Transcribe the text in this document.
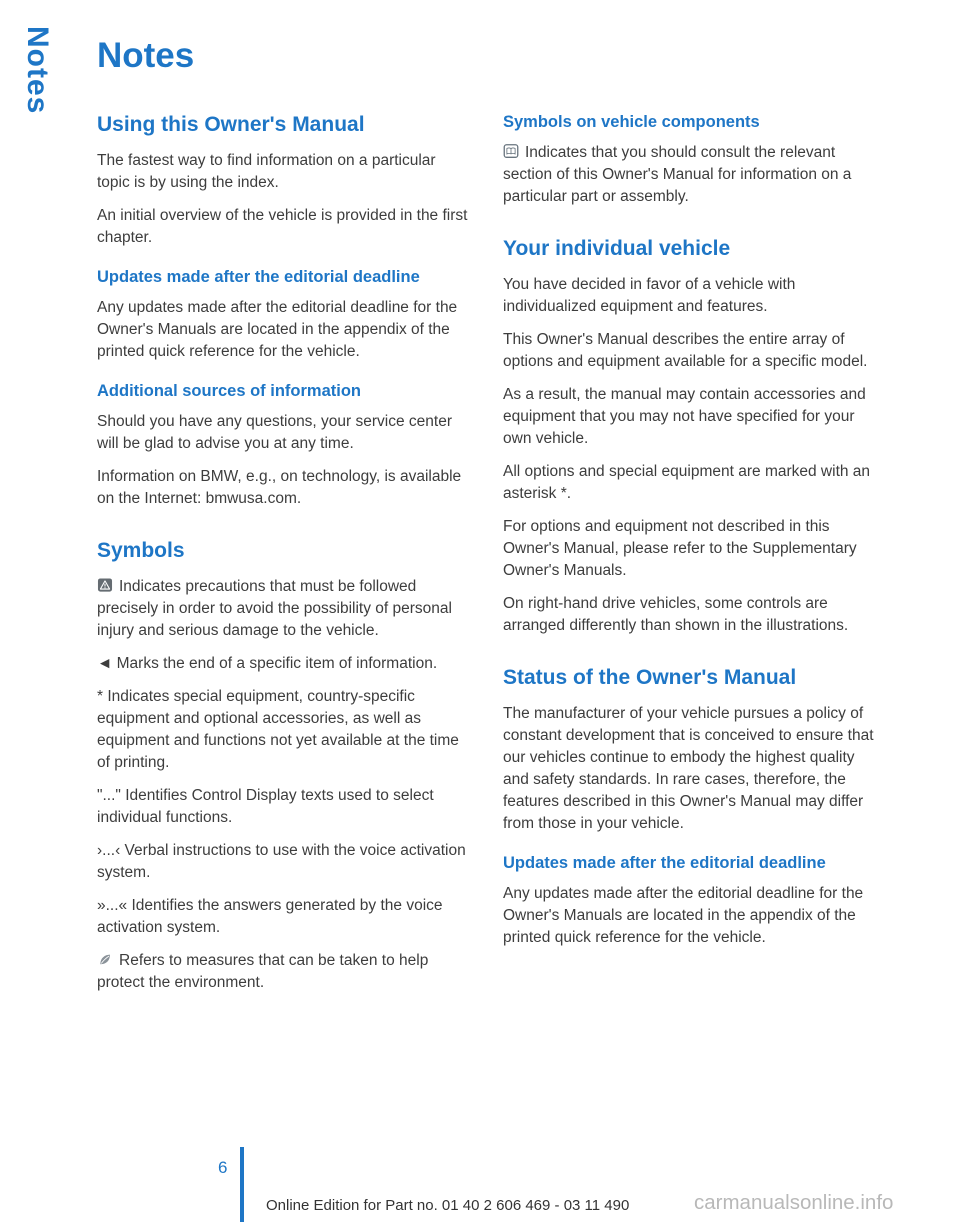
Notes Notes
Using this Owner's Manual

The fastest way to find information on a particular topic is by using the index.

An initial overview of the vehicle is provided in the first chapter.

Updates made after the editorial deadline

Any updates made after the editorial deadline for the Owner's Manuals are located in the appendix of the printed quick reference for the vehicle.

Additional sources of information

Should you have any questions, your service center will be glad to advise you at any time.

Information on BMW, e.g., on technology, is available on the Internet: bmwusa.com.

Symbols

Indicates precautions that must be followed precisely in order to avoid the possibility of personal injury and serious damage to the vehicle.

◄ Marks the end of a specific item of information.

* Indicates special equipment, country-specific equipment and optional accessories, as well as equipment and functions not yet available at the time of printing.

"..." Identifies Control Display texts used to select individual functions.

›...‹ Verbal instructions to use with the voice activation system.

»...« Identifies the answers generated by the voice activation system.

Refers to measures that can be taken to help protect the environment.

Symbols on vehicle components

Indicates that you should consult the relevant section of this Owner's Manual for information on a particular part or assembly.

Your individual vehicle

You have decided in favor of a vehicle with individualized equipment and features.

This Owner's Manual describes the entire array of options and equipment available for a specific model.

As a result, the manual may contain accessories and equipment that you may not have specified for your own vehicle.

All options and special equipment are marked with an asterisk *.

For options and equipment not described in this Owner's Manual, please refer to the Supplementary Owner's Manuals.

On right-hand drive vehicles, some controls are arranged differently than shown in the illustrations.

Status of the Owner's Manual

The manufacturer of your vehicle pursues a policy of constant development that is conceived to ensure that our vehicles continue to embody the highest quality and safety standards. In rare cases, therefore, the features described in this Owner's Manual may differ from those in your vehicle.

Updates made after the editorial deadline

Any updates made after the editorial deadline for the Owner's Manuals are located in the appendix of the printed quick reference for the vehicle.

6
Online Edition for Part no. 01 40 2 606 469 - 03 11 490	carmanualsonline.info
